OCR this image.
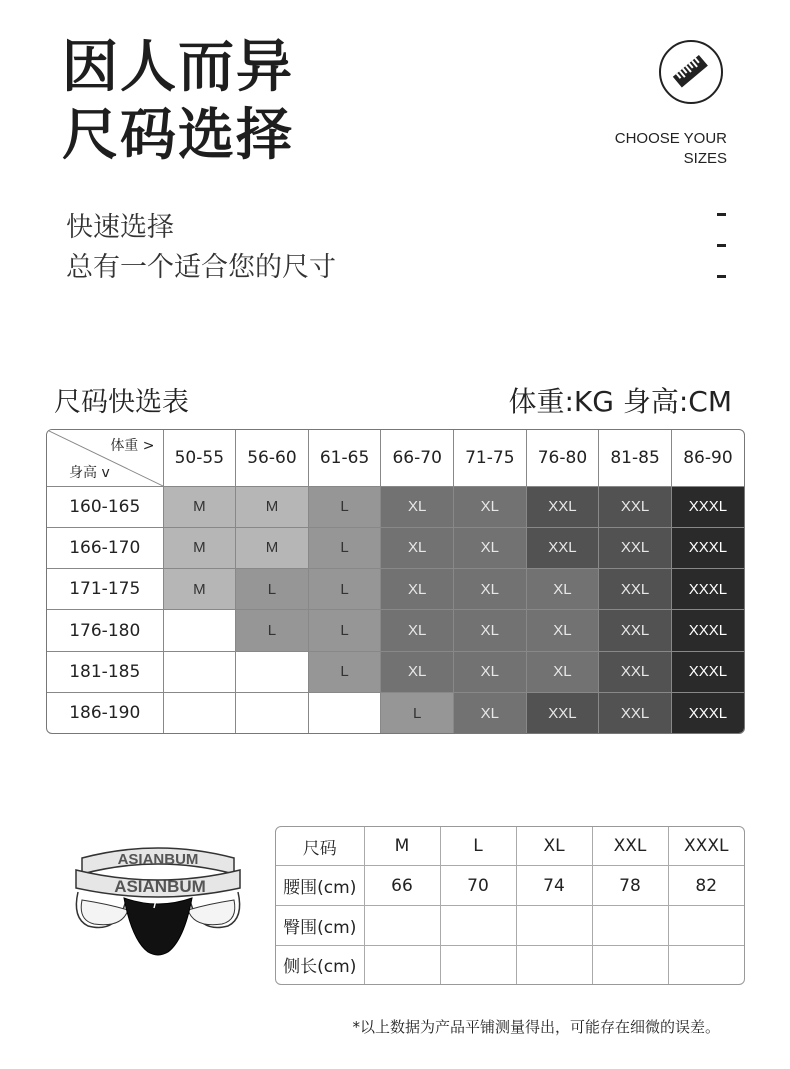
因人而异
尺码选择	CHOOSE YOUR
SIZES
快速选择
总有一个适合您的尺寸
尺码快选表	体重:KG 身高:CM
体重 >
身高 v	50-55	56-60	61-65	66-70	71-75	76-80	81-85	86-90
160-165	M	M	L	XL	XL	XXL	XXL	XXXL
166-170	M	M	L	XL	XL	XXL	XXL	XXXL
171-175	M	L	L	XL	XL	XL	XXL	XXXL
176-180		L	L	XL	XL	XL	XXL	XXXL
181-185			L	XL	XL	XL	XXL	XXXL
186-190				L	XL	XXL	XXL	XXXL
ASIANBUM
ASIANBUM
尺码	M	L	XL	XXL	XXXL
腰围(cm)	66	70	74	78	82
臀围(cm)					
侧长(cm)					
*以上数据为产品平铺测量得出，可能存在细微的误差。
